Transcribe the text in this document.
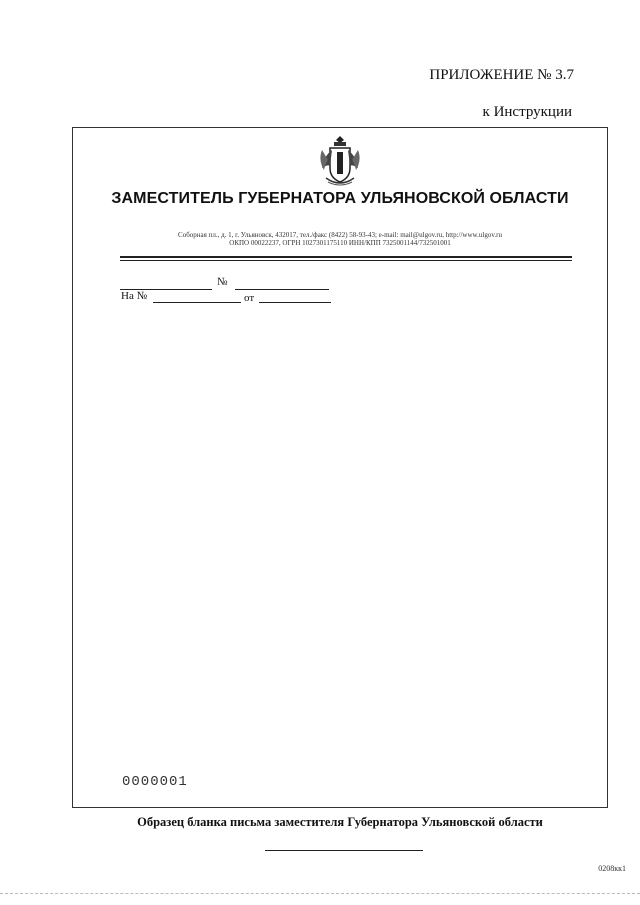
ПРИЛОЖЕНИЕ № 3.7
к Инструкции
ЗАМЕСТИТЕЛЬ ГУБЕРНАТОРА УЛЬЯНОВСКОЙ ОБЛАСТИ
Соборная пл., д. 1, г. Ульяновск, 432017, тел./факс (8422) 58-93-43; e-mail: mail@ulgov.ru, http://www.ulgov.ru
ОКПО 00022237, ОГРН 1027301175110 ИНН/КПП 7325001144/732501001
№
На №	от
0000001
Образец бланка письма заместителя Губернатора Ульяновской области
0208кк1
